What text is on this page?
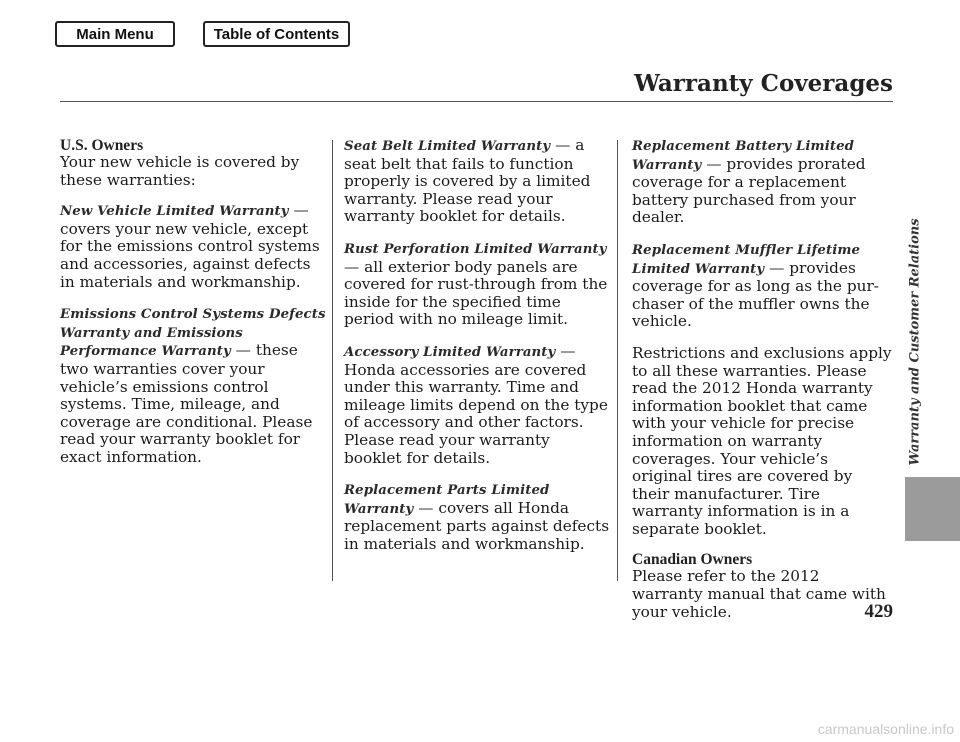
Main Menu	Table of Contents
Warranty Coverages
Warranty and Customer Relations
U.S. Owners

Your new vehicle is covered by these warranties:

New Vehicle Limited Warranty —
covers your new vehicle, except for the emissions control systems and accessories, against defects in materials and workmanship.

Emissions Control Systems Defects Warranty and Emissions Performance Warranty — these two warranties cover your vehicle’s emissions control systems. Time, mileage, and coverage are conditional. Please read your warranty booklet for exact information.

Seat Belt Limited Warranty — a seat belt that fails to function properly is covered by a limited warranty. Please read your warranty booklet for details.

Rust Perforation Limited Warranty
— all exterior body panels are covered for rust-through from the inside for the specified time period with no mileage limit.

Accessory Limited Warranty —
Honda accessories are covered under this warranty. Time and mileage limits depend on the type of accessory and other factors. Please read your warranty booklet for details.

Replacement Parts Limited Warranty — covers all Honda replacement parts against defects in materials and workmanship.

Replacement Battery Limited Warranty — provides prorated coverage for a replacement battery purchased from your dealer.

Replacement Muffler Lifetime Limited Warranty — provides coverage for as long as the pur-chaser of the muffler owns the vehicle.

Restrictions and exclusions apply to all these warranties. Please read the 2012 Honda warranty information booklet that came with your vehicle for precise information on warranty coverages. Your vehicle’s original tires are covered by their manufacturer. Tire warranty information is in a separate booklet.

Canadian Owners

Please refer to the 2012 warranty manual that came with your vehicle.	429
carmanualsonline.info
